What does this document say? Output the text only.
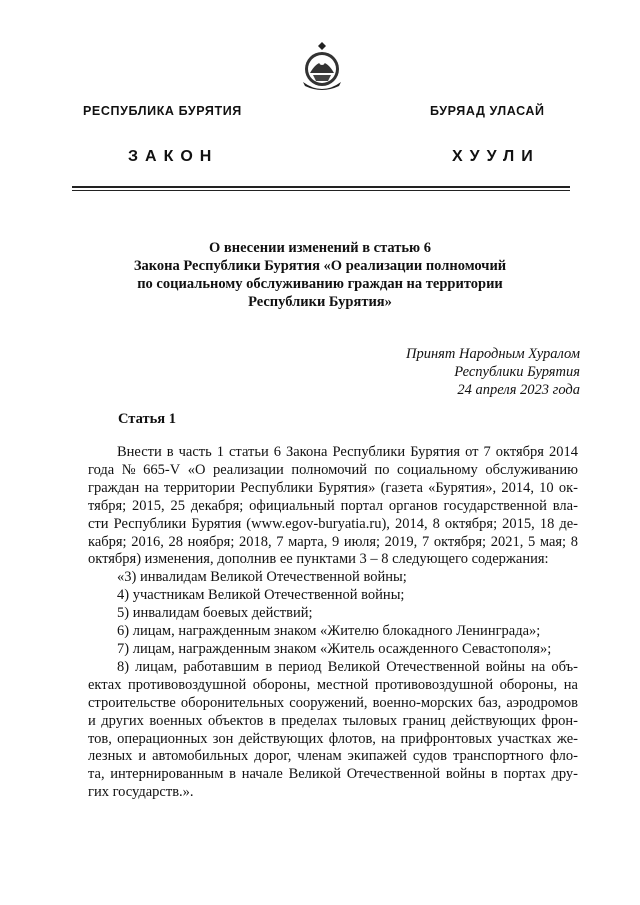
РЕСПУБЛИКА БУРЯТИЯ	БУРЯАД УЛАСАЙ
ЗАКОН	ХУУЛИ
О внесении изменений в статью 6
Закона Республики Бурятия «О реализации полномочий
по социальному обслуживанию граждан на территории
Республики Бурятия»
Принят Народным Хуралом
Республики Бурятия
24 апреля 2023 года
Статья 1
Внести в часть 1 статьи 6 Закона Республики Бурятия от 7 октября 2014
года № 665-V «О реализации полномочий по социальному обслуживанию
граждан на территории Республики Бурятия» (газета «Бурятия», 2014, 10 ок-
тября; 2015, 25 декабря; официальный портал органов государственной вла-
сти Республики Бурятия (www.egov-buryatia.ru), 2014, 8 октября; 2015, 18 де-
кабря; 2016, 28 ноября; 2018, 7 марта, 9 июля; 2019, 7 октября; 2021, 5 мая; 8
октября) изменения, дополнив ее пунктами 3 – 8 следующего содержания:
«3) инвалидам Великой Отечественной войны;
4) участникам Великой Отечественной войны;
5) инвалидам боевых действий;
6) лицам, награжденным знаком «Жителю блокадного Ленинграда»;
7) лицам, награжденным знаком «Житель осажденного Севастополя»;
8) лицам, работавшим в период Великой Отечественной войны на объ-
ектах противовоздушной обороны, местной противовоздушной обороны, на
строительстве оборонительных сооружений, военно-морских баз, аэродромов
и других военных объектов в пределах тыловых границ действующих фрон-
тов, операционных зон действующих флотов, на прифронтовых участках же-
лезных и автомобильных дорог, членам экипажей судов транспортного фло-
та, интернированным в начале Великой Отечественной войны в портах дру-
гих государств.».
